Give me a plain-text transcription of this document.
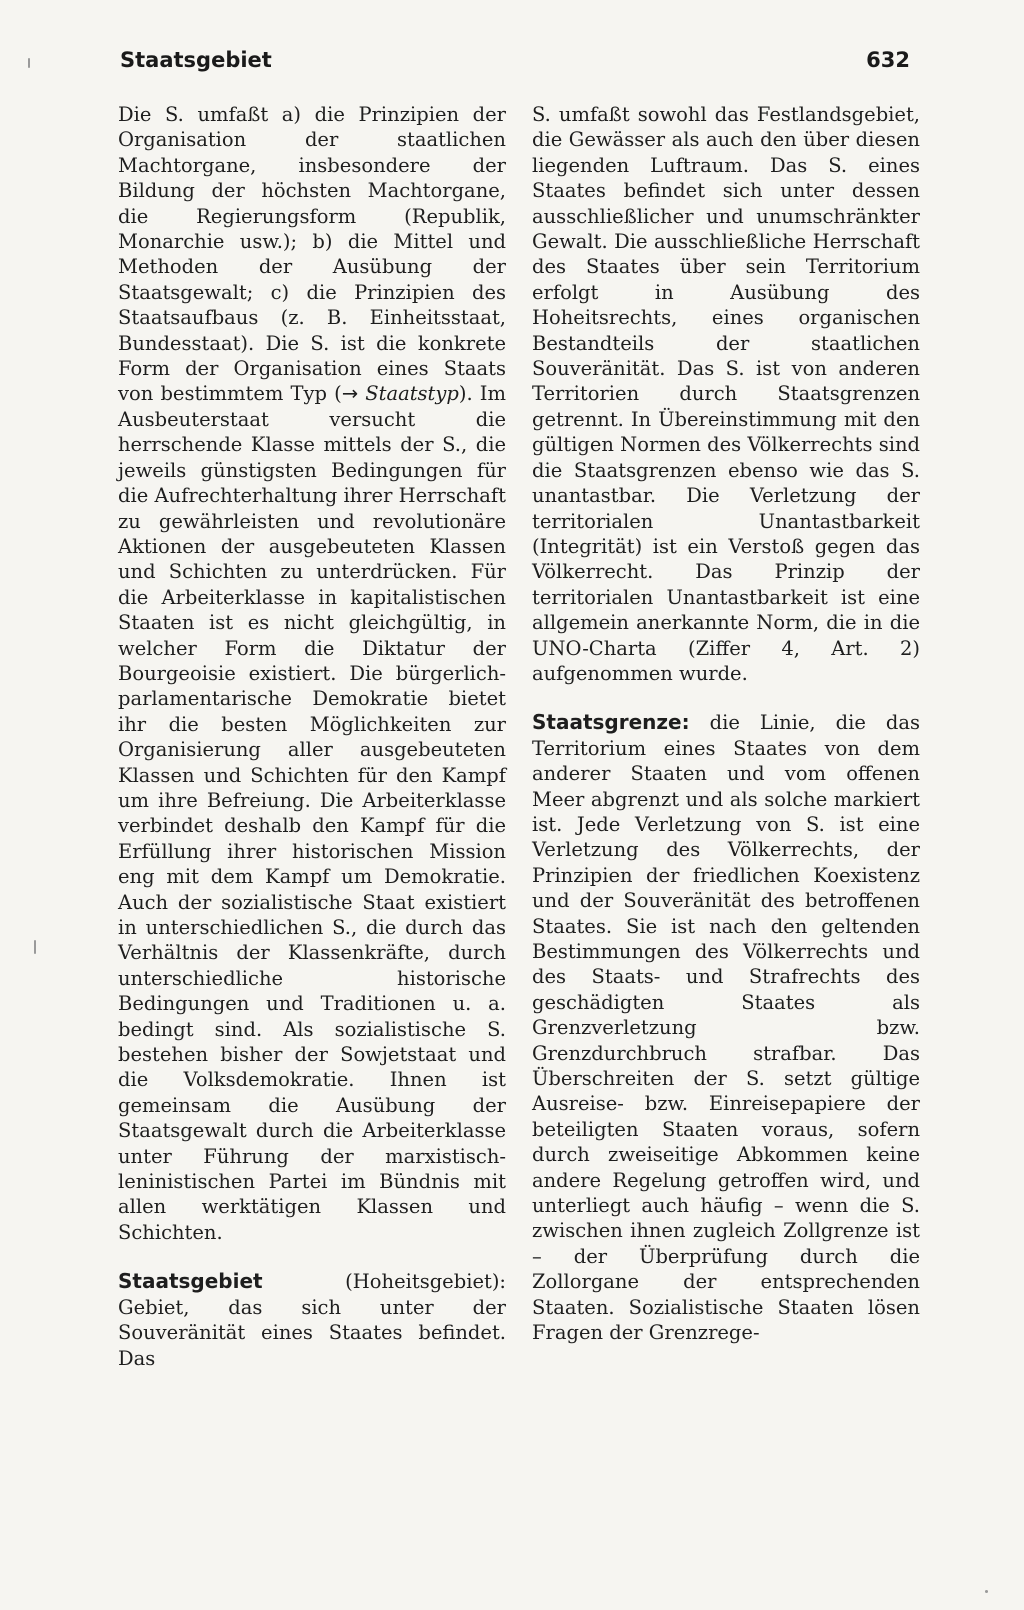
Staatsgebiet	632

Die S. umfaßt a) die Prinzipien der Organisation der staatlichen Machtorgane, insbesondere der Bildung der höchsten Machtorgane, die Regierungsform (Republik, Monarchie usw.); b) die Mittel und Methoden der Ausübung der Staatsgewalt; c) die Prinzipien des Staatsaufbaus (z. B. Einheitsstaat, Bundesstaat). Die S. ist die konkrete Form der Organisation eines Staats von bestimmtem Typ (→ Staatstyp). Im Ausbeuterstaat versucht die herrschende Klasse mittels der S., die jeweils günstigsten Bedingungen für die Aufrechterhaltung ihrer Herrschaft zu gewährleisten und revolutionäre Aktionen der ausgebeuteten Klassen und Schichten zu unterdrücken. Für die Arbeiterklasse in kapitalistischen Staaten ist es nicht gleichgültig, in welcher Form die Diktatur der Bourgeoisie existiert. Die bürgerlich-parlamentarische Demokratie bietet ihr die besten Möglichkeiten zur Organisierung aller ausgebeuteten Klassen und Schichten für den Kampf um ihre Befreiung. Die Arbeiterklasse verbindet deshalb den Kampf für die Erfüllung ihrer historischen Mission eng mit dem Kampf um Demokratie. Auch der sozialistische Staat existiert in unterschiedlichen S., die durch das Verhältnis der Klassenkräfte, durch unterschiedliche historische Bedingungen und Traditionen u. a. bedingt sind. Als sozialistische S. bestehen bisher der Sowjetstaat und die Volksdemokratie. Ihnen ist gemeinsam die Ausübung der Staatsgewalt durch die Arbeiterklasse unter Führung der marxistisch-leninistischen Partei im Bündnis mit allen werktätigen Klassen und Schichten.

Staatsgebiet (Hoheitsgebiet): Gebiet, das sich unter der Souveränität eines Staates befindet. Das

S. umfaßt sowohl das Festlandsgebiet, die Gewässer als auch den über diesen liegenden Luftraum. Das S. eines Staates befindet sich unter dessen ausschließlicher und unumschränkter Gewalt. Die ausschließliche Herrschaft des Staates über sein Territorium erfolgt in Ausübung des Hoheitsrechts, eines organischen Bestandteils der staatlichen Souveränität. Das S. ist von anderen Territorien durch Staatsgrenzen getrennt. In Übereinstimmung mit den gültigen Normen des Völkerrechts sind die Staatsgrenzen ebenso wie das S. unantastbar. Die Verletzung der territorialen Unantastbarkeit (Integrität) ist ein Verstoß gegen das Völkerrecht. Das Prinzip der territorialen Unantastbarkeit ist eine allgemein anerkannte Norm, die in die UNO-Charta (Ziffer 4, Art. 2) aufgenommen wurde.

Staatsgrenze: die Linie, die das Territorium eines Staates von dem anderer Staaten und vom offenen Meer abgrenzt und als solche markiert ist. Jede Verletzung von S. ist eine Verletzung des Völkerrechts, der Prinzipien der friedlichen Koexistenz und der Souveränität des betroffenen Staates. Sie ist nach den geltenden Bestimmungen des Völkerrechts und des Staats- und Strafrechts des geschädigten Staates als Grenzverletzung bzw. Grenzdurchbruch strafbar. Das Überschreiten der S. setzt gültige Ausreise- bzw. Einreisepapiere der beteiligten Staaten voraus, sofern durch zweiseitige Abkommen keine andere Regelung getroffen wird, und unterliegt auch häufig – wenn die S. zwischen ihnen zugleich Zollgrenze ist – der Überprüfung durch die Zollorgane der entsprechenden Staaten. Sozialistische Staaten lösen Fragen der Grenzrege-
